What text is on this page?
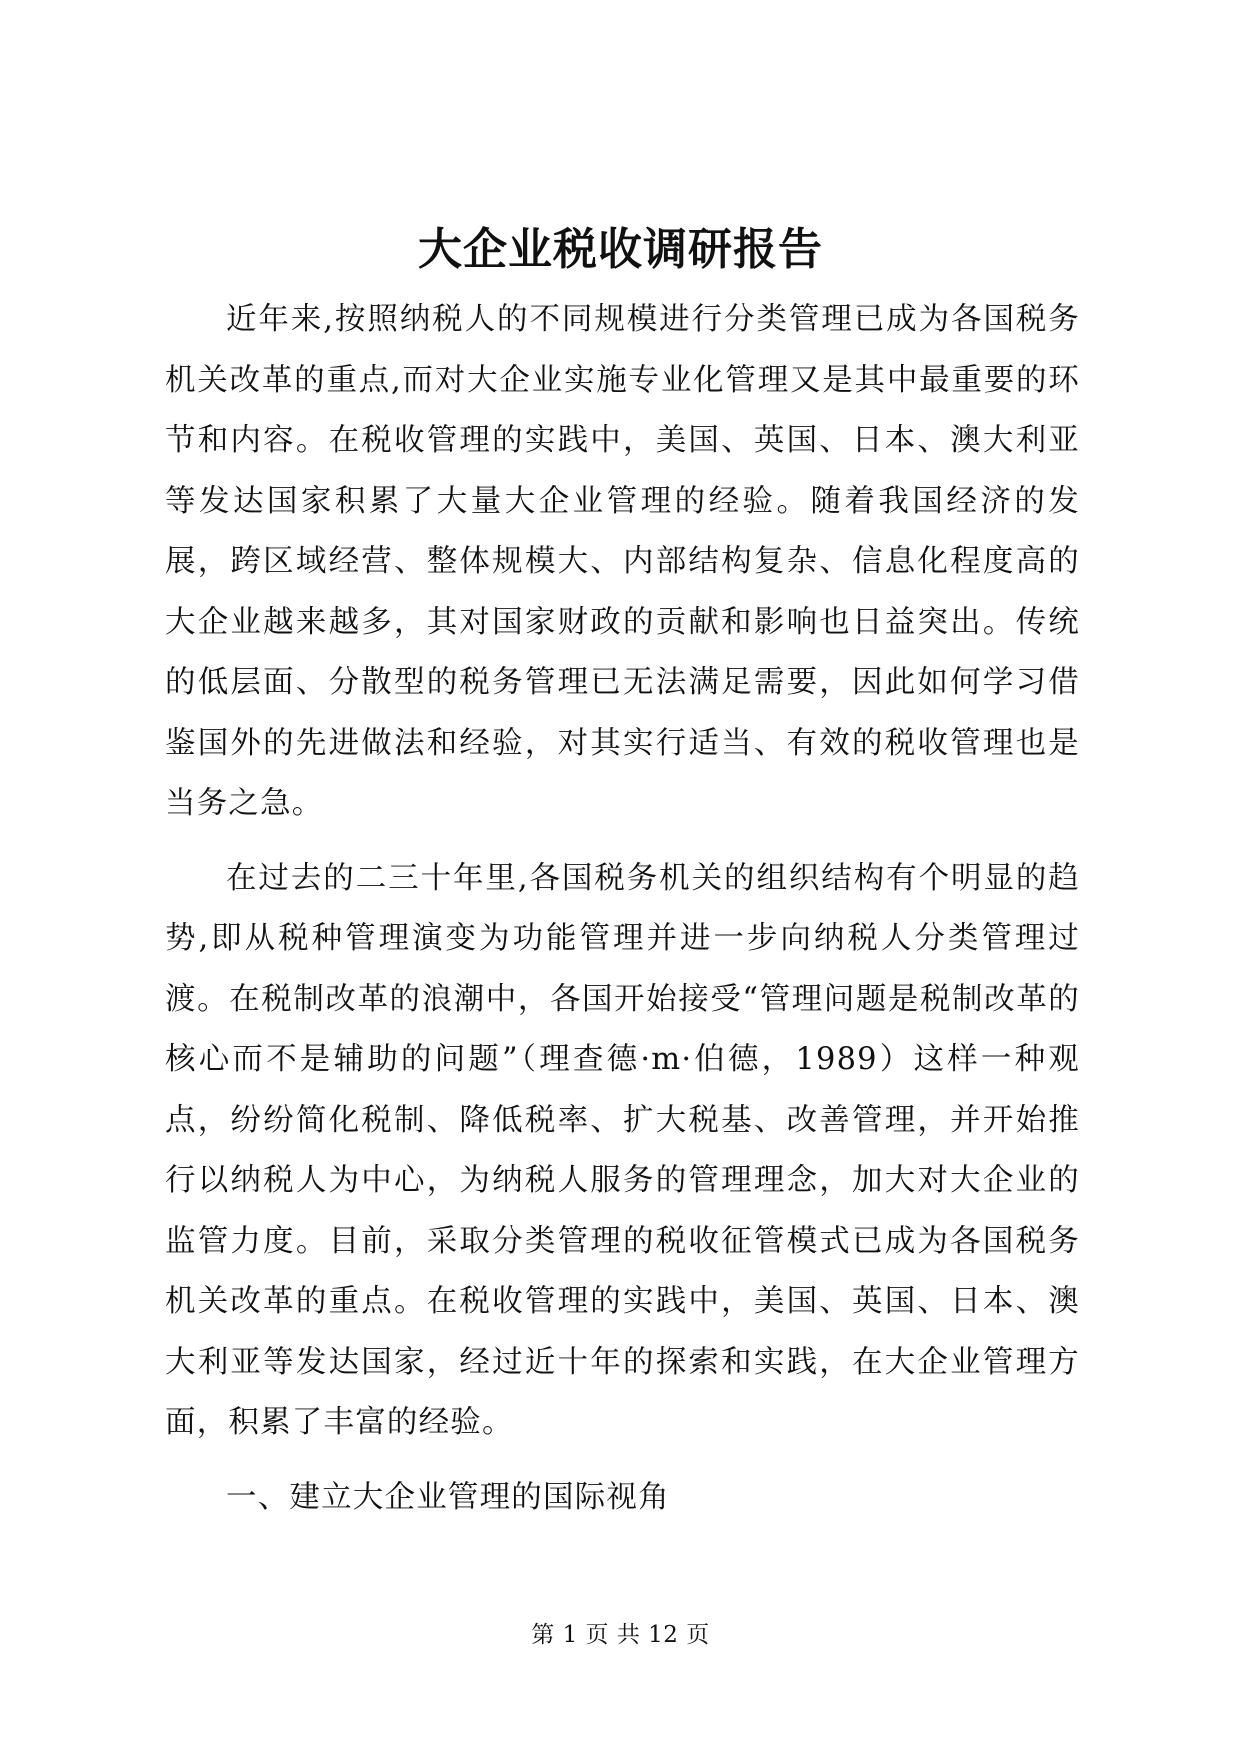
大企业税收调研报告

近年来,按照纳税人的不同规模进行分类管理已成为各国税务机关改革的重点,而对大企业实施专业化管理又是其中最重要的环节和内容。在税收管理的实践中，美国、英国、日本、澳大利亚等发达国家积累了大量大企业管理的经验。随着我国经济的发展，跨区域经营、整体规模大、内部结构复杂、信息化程度高的大企业越来越多，其对国家财政的贡献和影响也日益突出。传统的低层面、分散型的税务管理已无法满足需要，因此如何学习借鉴国外的先进做法和经验，对其实行适当、有效的税收管理也是当务之急。

在过去的二三十年里,各国税务机关的组织结构有个明显的趋势,即从税种管理演变为功能管理并进一步向纳税人分类管理过渡。在税制改革的浪潮中，各国开始接受“管理问题是税制改革的核心而不是辅助的问题”（理查德·m·伯德，1989）这样一种观点，纷纷简化税制、降低税率、扩大税基、改善管理，并开始推行以纳税人为中心，为纳税人服务的管理理念，加大对大企业的监管力度。目前，采取分类管理的税收征管模式已成为各国税务机关改革的重点。在税收管理的实践中，美国、英国、日本、澳大利亚等发达国家，经过近十年的探索和实践，在大企业管理方面，积累了丰富的经验。

一、建立大企业管理的国际视角

第 1 页 共 12 页
